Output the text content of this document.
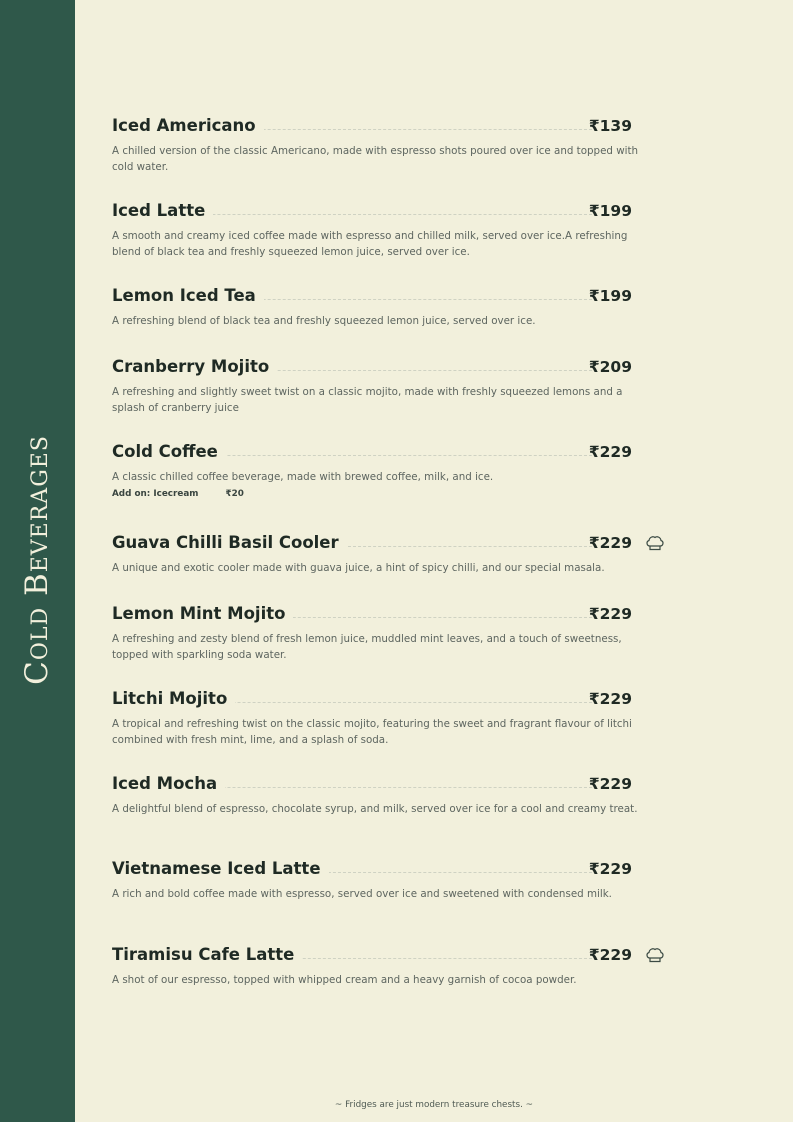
Cold Beverages
Iced Americano	₹139
A chilled version of the classic Americano, made with espresso shots poured over ice and topped with cold water.
Iced Latte	₹199
A smooth and creamy iced coffee made with espresso and chilled milk, served over ice.A refreshing blend of black tea and freshly squeezed lemon juice, served over ice.
Lemon Iced Tea	₹199
A refreshing blend of black tea and freshly squeezed lemon juice, served over ice.
Cranberry Mojito	₹209
A refreshing and slightly sweet twist on a classic mojito, made with freshly squeezed lemons and a splash of cranberry juice
Cold Coffee	₹229
A classic chilled coffee beverage, made with brewed coffee, milk, and ice.
Add on: Icecream	₹20
Guava Chilli Basil Cooler	₹229
A unique and exotic cooler made with guava juice, a hint of spicy chilli, and our special masala.
Lemon Mint Mojito	₹229
A refreshing and zesty blend of fresh lemon juice, muddled mint leaves, and a touch of sweetness, topped with sparkling soda water.
Litchi Mojito	₹229
A tropical and refreshing twist on the classic mojito, featuring the sweet and fragrant flavour of litchi combined with fresh mint, lime, and a splash of soda.
Iced Mocha	₹229
A delightful blend of espresso, chocolate syrup, and milk, served over ice for a cool and creamy treat.
Vietnamese Iced Latte	₹229
A rich and bold coffee made with espresso, served over ice and sweetened with condensed milk.
Tiramisu Cafe Latte	₹229
A shot of our espresso, topped with whipped cream and a heavy garnish of cocoa powder.
~ Fridges are just modern treasure chests. ~
